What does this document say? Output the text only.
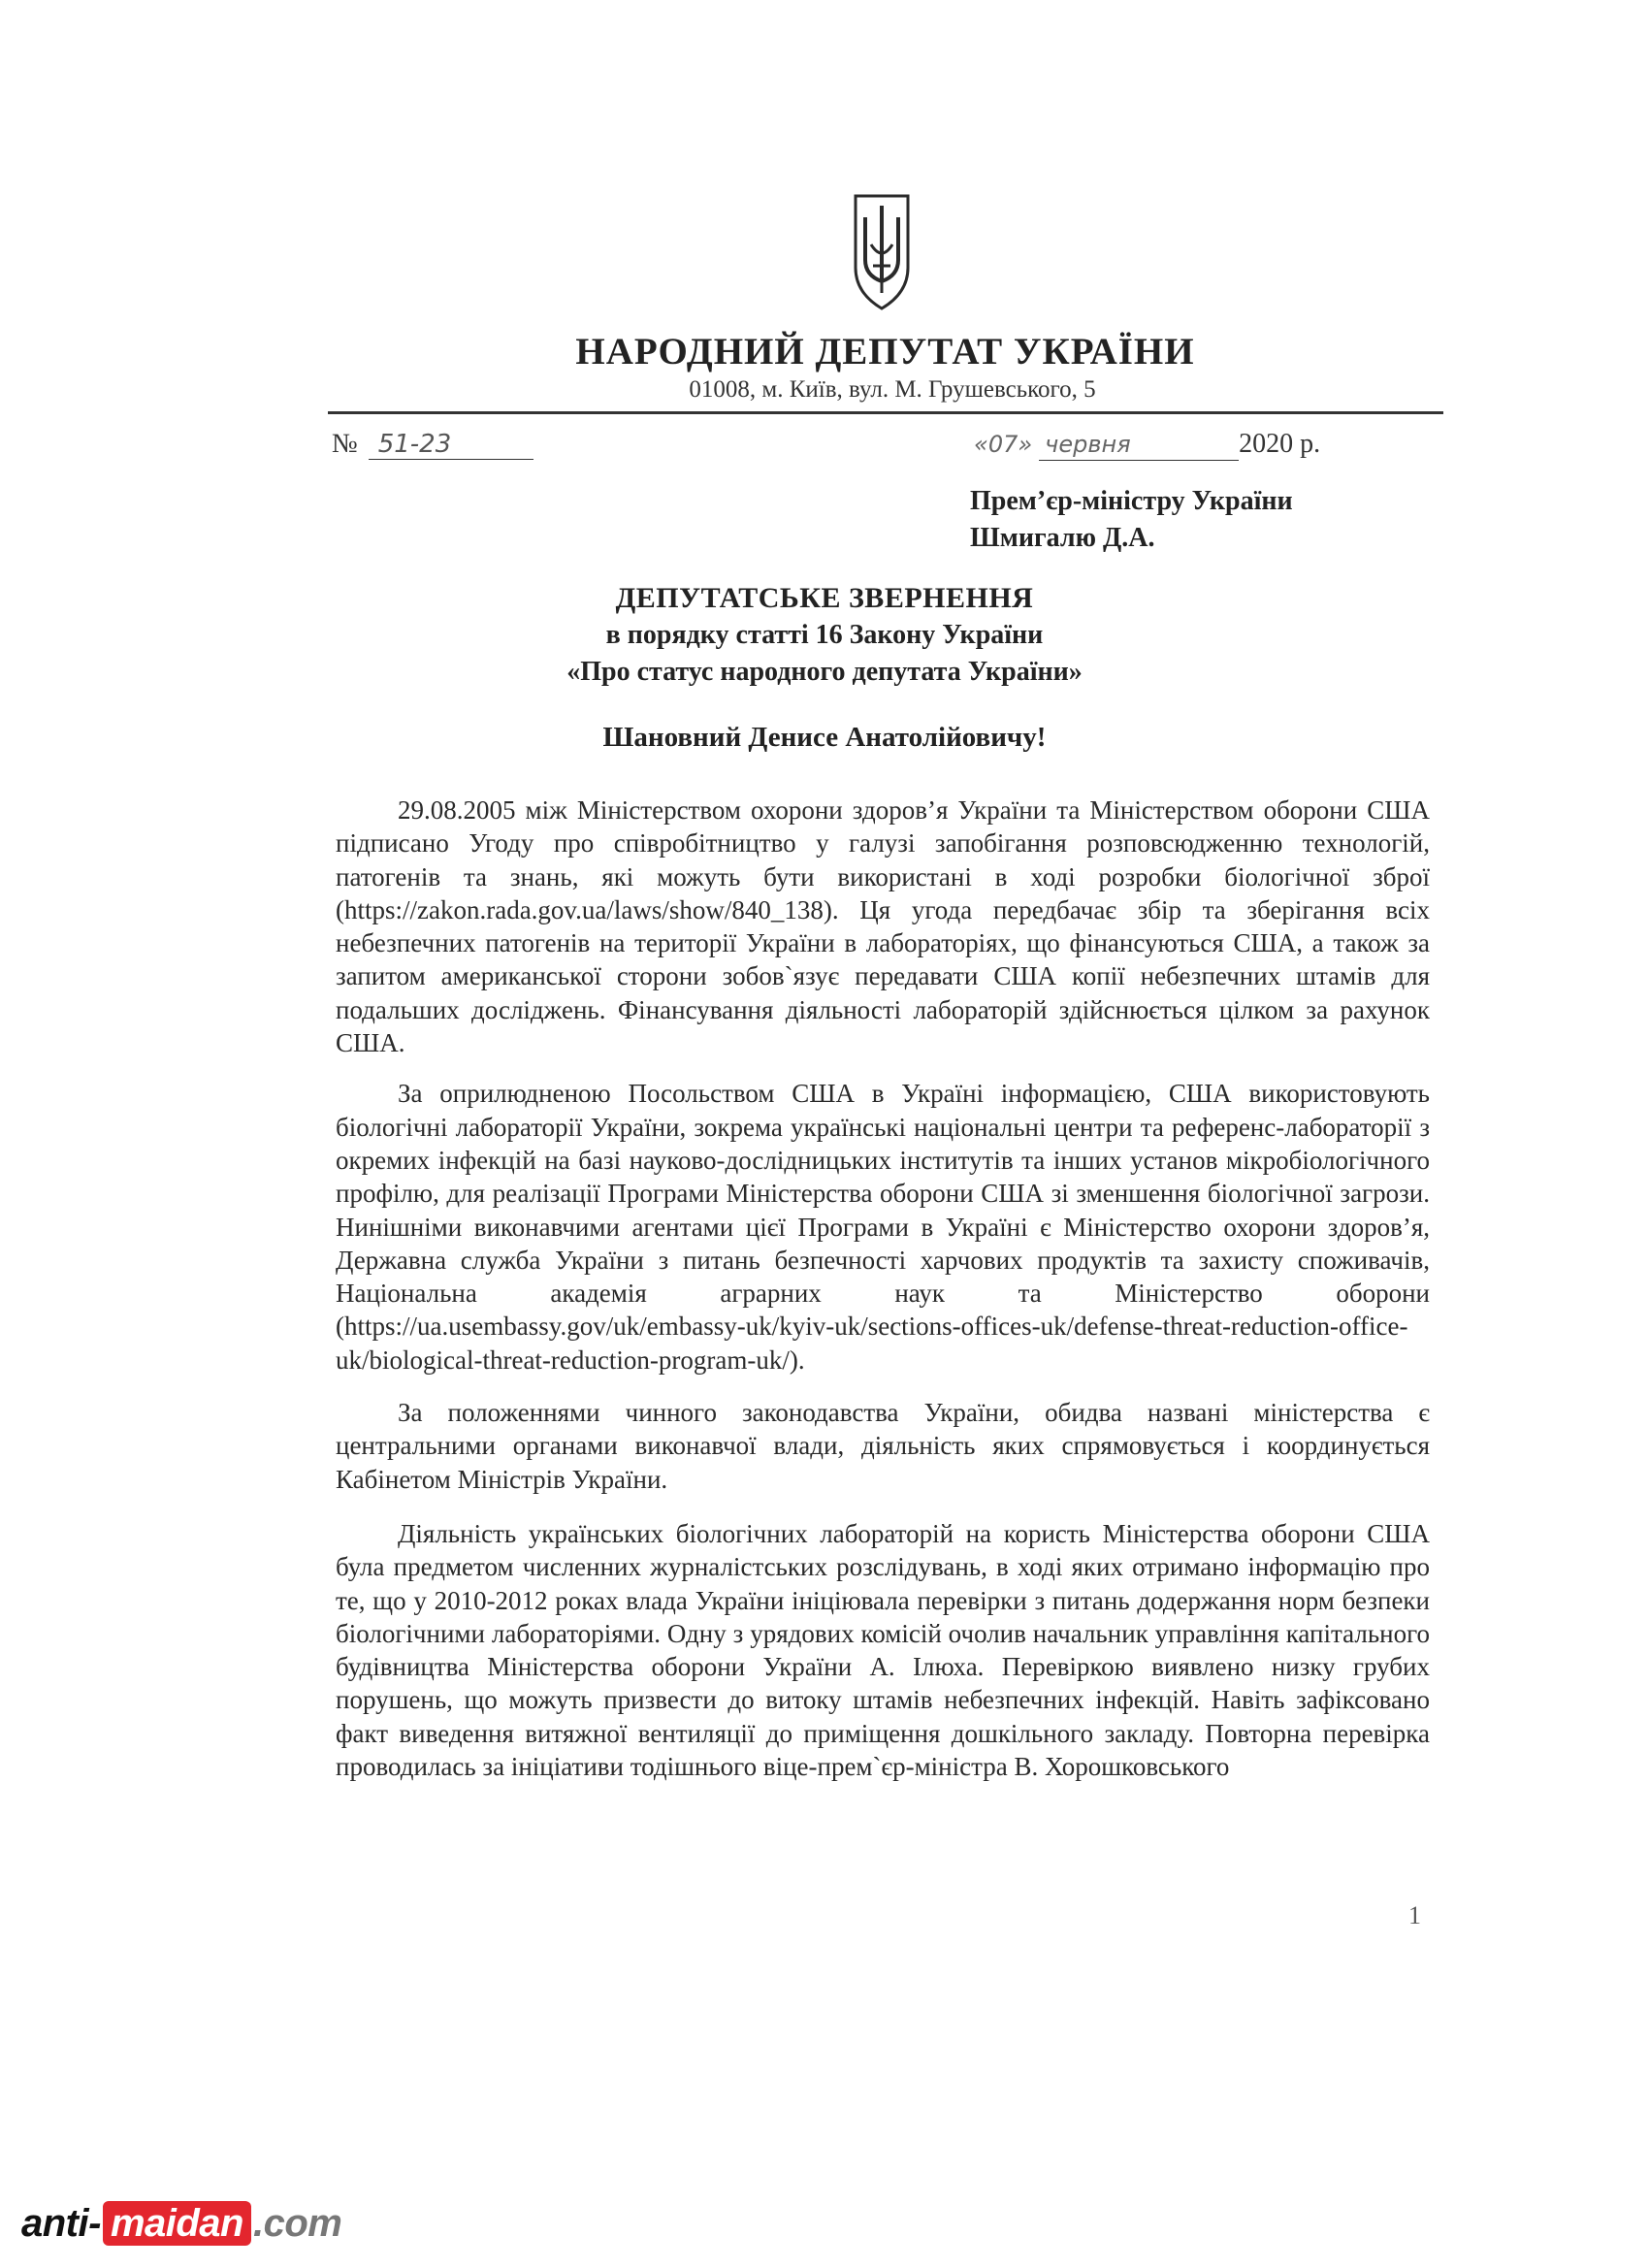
НАРОДНИЙ ДЕПУТАТ УКРАЇНИ
01008, м. Київ, вул. М. Грушевського, 5
№ 51-23	«07» червня	2020 р.
Прем’єр-міністру України
Шмигалю Д.А.
ДЕПУТАТСЬКЕ ЗВЕРНЕННЯ
в порядку статті 16 Закону України
«Про статус народного депутата України»
Шановний Денисе Анатолійовичу!

29.08.2005 між Міністерством охорони здоров’я України та Міністерством оборони США підписано Угоду про співробітництво у галузі запобігання розповсюдженню технологій, патогенів та знань, які можуть бути використані в ході розробки біологічної зброї (https://zakon.rada.gov.ua/laws/show/840_138). Ця угода передбачає збір та зберігання всіх небезпечних патогенів на території України в лабораторіях, що фінансуються США, а також за запитом американської сторони зобов`язує передавати США копії небезпечних штамів для подальших досліджень. Фінансування діяльності лабораторій здійснюється цілком за рахунок США.

За оприлюдненою Посольством США в Україні інформацією, США використовують біологічні лабораторії України, зокрема українські національні центри та референс-лабораторії з окремих інфекцій на базі науково-дослідницьких інститутів та інших установ мікробіологічного профілю, для реалізації Програми Міністерства оборони США зі зменшення біологічної загрози. Нинішніми виконавчими агентами цієї Програми в Україні є Міністерство охорони здоров’я, Державна служба України з питань безпечності харчових продуктів та захисту споживачів, Національна академія аграрних наук та Міністерство оборони (https://ua.usembassy.gov/uk/embassy-uk/kyiv-uk/sections-offices-uk/defense-threat-reduction-office-uk/biological-threat-reduction-program-uk/).

За положеннями чинного законодавства України, обидва названі міністерства є центральними органами виконавчої влади, діяльність яких спрямовується і координується Кабінетом Міністрів України.

Діяльність українських біологічних лабораторій на користь Міністерства оборони США була предметом численних журналістських розслідувань, в ході яких отримано інформацію про те, що у 2010-2012 роках влада України ініціювала перевірки з питань додержання норм безпеки біологічними лабораторіями. Одну з урядових комісій очолив начальник управління капітального будівництва Міністерства оборони України А. Ілюха. Перевіркою виявлено низку грубих порушень, що можуть призвести до витоку штамів небезпечних інфекцій. Навіть зафіксовано факт виведення витяжної вентиляції до приміщення дошкільного закладу. Повторна перевірка проводилась за ініціативи тодішнього віце-прем`єр-міністра В. Хорошковського

1
anti- maidan .com
